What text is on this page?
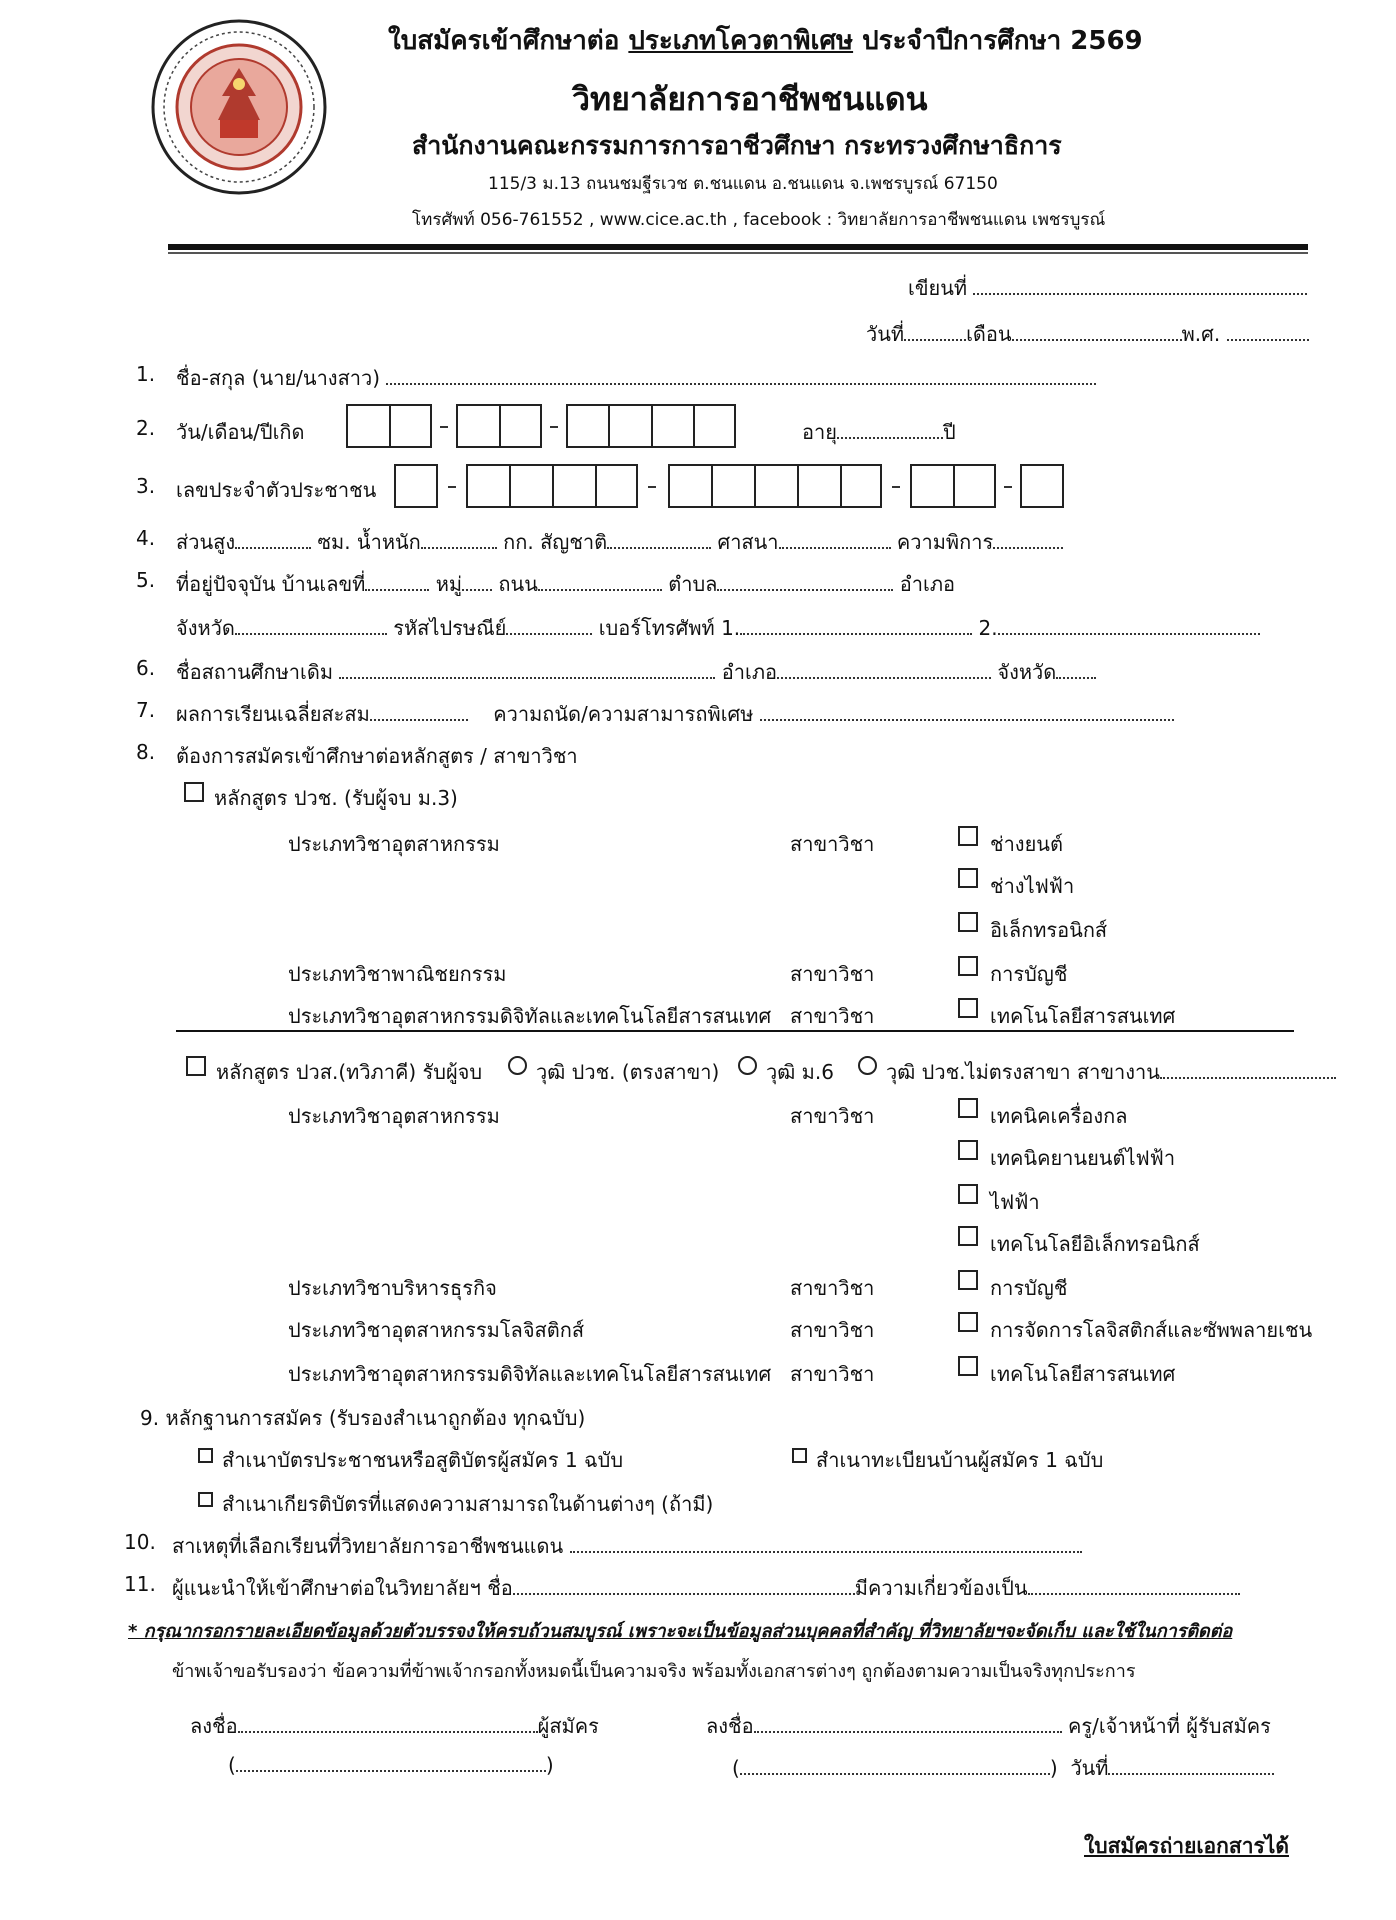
ใบสมัครเข้าศึกษาต่อ ประเภทโควตาพิเศษ ประจำปีการศึกษา 2569
วิทยาลัยการอาชีพชนแดน
สำนักงานคณะกรรมการการอาชีวศึกษา กระทรวงศึกษาธิการ
115/3 ม.13 ถนนชมฐีรเวช ต.ชนแดน อ.ชนแดน จ.เพชรบูรณ์ 67150
โทรศัพท์ 056-761552 , www.cice.ac.th , facebook : วิทยาลัยการอาชีพชนแดน เพชรบูรณ์
เขียนที่
วันที่	เดือน	พ.ศ.
1. ชื่อ-สกุล (นาย/นางสาว)
2. วัน/เดือน/ปีเกิด	อายุ	ปี
3. เลขประจำตัวประชาชน
4. ส่วนสูง	ซม. น้ำหนัก	กก. สัญชาติ	ศาสนา	ความพิการ
5. ที่อยู่ปัจจุบัน บ้านเลขที่	หมู่ ถนน	ตำบล	อำเภอ
จังหวัด	รหัสไปรษณีย์	เบอร์โทรศัพท์ 1.	2.
6. ชื่อสถานศึกษาเดิม	อำเภอ	จังหวัด
7. ผลการเรียนเฉลี่ยสะสม	ความถนัด/ความสามารถพิเศษ
8. ต้องการสมัครเข้าศึกษาต่อหลักสูตร / สาขาวิชา
หลักสูตร ปวช. (รับผู้จบ ม.3)
ประเภทวิชาอุตสาหกรรม	สาขาวิชา	ช่างยนต์
ช่างไฟฟ้า
อิเล็กทรอนิกส์
ประเภทวิชาพาณิชยกรรม	สาขาวิชา	การบัญชี
ประเภทวิชาอุตสาหกรรมดิจิทัลและเทคโนโลยีสารสนเทศ สาขาวิชา	เทคโนโลยีสารสนเทศ
หลักสูตร ปวส.(ทวิภาคี) รับผู้จบ	วุฒิ ปวช. (ตรงสาขา) วุฒิ ม.6	วุฒิ ปวช.ไม่ตรงสาขา สาขางาน
ประเภทวิชาอุตสาหกรรม	สาขาวิชา	เทคนิคเครื่องกล
เทคนิคยานยนต์ไฟฟ้า
ไฟฟ้า
เทคโนโลยีอิเล็กทรอนิกส์
ประเภทวิชาบริหารธุรกิจ	สาขาวิชา	การบัญชี
ประเภทวิชาอุตสาหกรรมโลจิสติกส์	สาขาวิชา	การจัดการโลจิสติกส์และซัพพลายเชน
ประเภทวิชาอุตสาหกรรมดิจิทัลและเทคโนโลยีสารสนเทศ สาขาวิชา	เทคโนโลยีสารสนเทศ
9. หลักฐานการสมัคร (รับรองสำเนาถูกต้อง ทุกฉบับ)
สำเนาบัตรประชาชนหรือสูติบัตรผู้สมัคร 1 ฉบับ	สำเนาทะเบียนบ้านผู้สมัคร 1 ฉบับ
สำเนาเกียรติบัตรที่แสดงความสามารถในด้านต่างๆ (ถ้ามี)
10. สาเหตุที่เลือกเรียนที่วิทยาลัยการอาชีพชนแดน
11. ผู้แนะนำให้เข้าศึกษาต่อในวิทยาลัยฯ ชื่อ	มีความเกี่ยวข้องเป็น
* กรุณากรอกรายละเอียดข้อมูลด้วยตัวบรรจงให้ครบถ้วนสมบูรณ์ เพราะจะเป็นข้อมูลส่วนบุคคลที่สำคัญ ที่วิทยาลัยฯจะจัดเก็บ และใช้ในการติดต่อ
ข้าพเจ้าขอรับรองว่า ข้อความที่ข้าพเจ้ากรอกทั้งหมดนี้เป็นความจริง พร้อมทั้งเอกสารต่างๆ ถูกต้องตามความเป็นจริงทุกประการ
ลงชื่อ	ผู้สมัคร	ลงชื่อ	ครู/เจ้าหน้าที่ ผู้รับสมัคร
(	)	(	) วันที่
ใบสมัครถ่ายเอกสารได้
